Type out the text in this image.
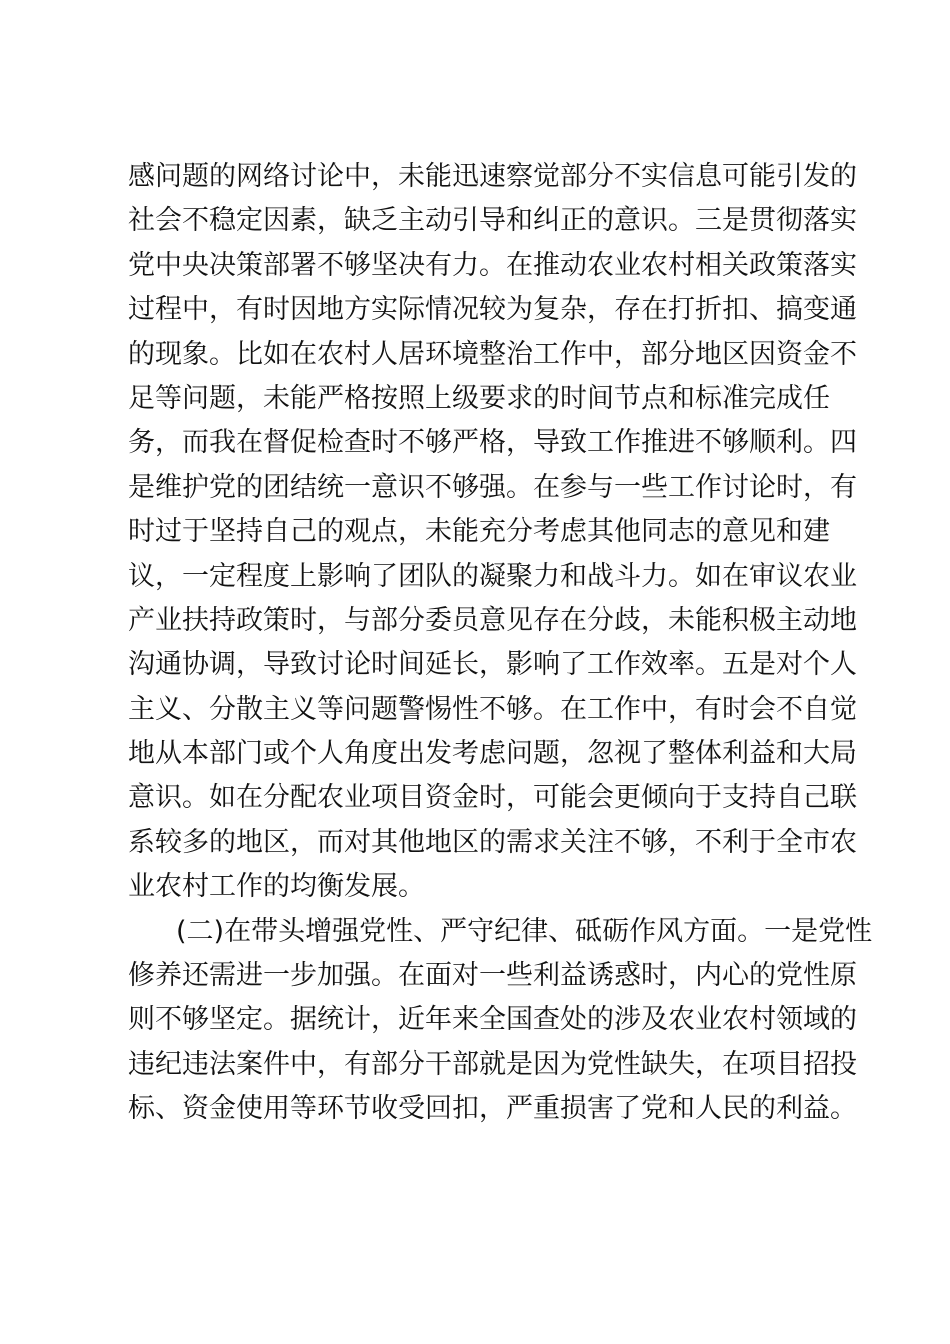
感问题的网络讨论中，未能迅速察觉部分不实信息可能引发的
社会不稳定因素，缺乏主动引导和纠正的意识。三是贯彻落实
党中央决策部署不够坚决有力。在推动农业农村相关政策落实
过程中，有时因地方实际情况较为复杂，存在打折扣、搞变通
的现象。比如在农村人居环境整治工作中，部分地区因资金不
足等问题，未能严格按照上级要求的时间节点和标准完成任
务，而我在督促检查时不够严格，导致工作推进不够顺利。四
是维护党的团结统一意识不够强。在参与一些工作讨论时，有
时过于坚持自己的观点，未能充分考虑其他同志的意见和建
议，一定程度上影响了团队的凝聚力和战斗力。如在审议农业
产业扶持政策时，与部分委员意见存在分歧，未能积极主动地
沟通协调，导致讨论时间延长，影响了工作效率。五是对个人
主义、分散主义等问题警惕性不够。在工作中，有时会不自觉
地从本部门或个人角度出发考虑问题，忽视了整体利益和大局
意识。如在分配农业项目资金时，可能会更倾向于支持自己联
系较多的地区，而对其他地区的需求关注不够，不利于全市农
业农村工作的均衡发展。
(二)在带头增强党性、严守纪律、砥砺作风方面。一是党性
修养还需进一步加强。在面对一些利益诱惑时，内心的党性原
则不够坚定。据统计，近年来全国查处的涉及农业农村领域的
违纪违法案件中，有部分干部就是因为党性缺失，在项目招投
标、资金使用等环节收受回扣，严重损害了党和人民的利益。
